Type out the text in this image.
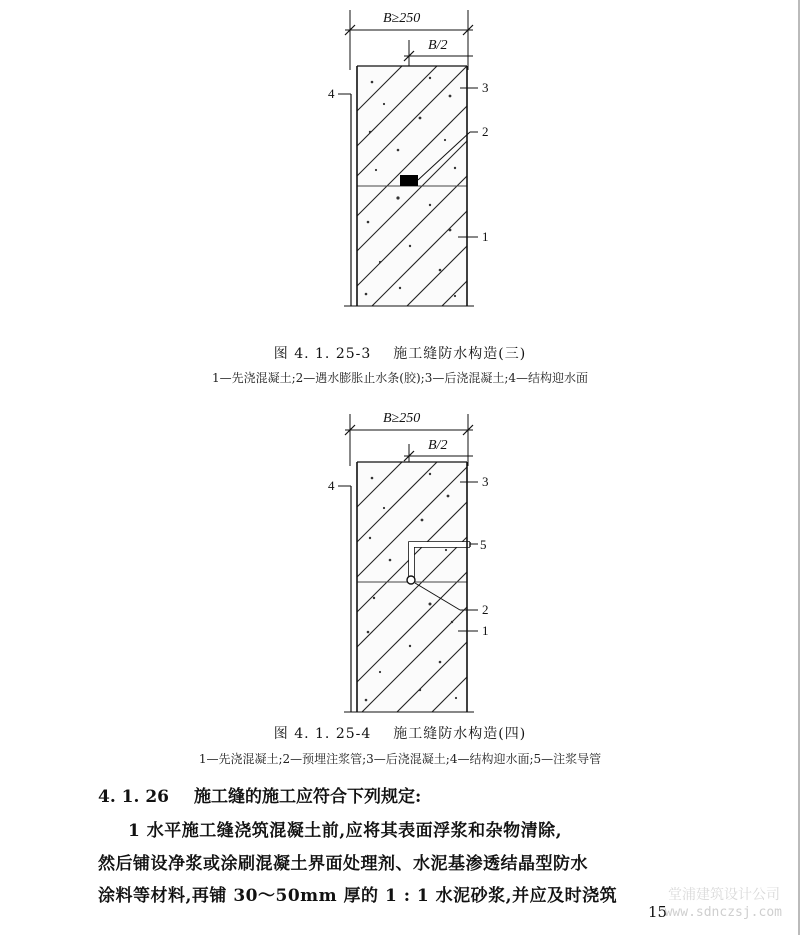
B≥250
B/2
4	3
2
1
图 4. 1. 25-3 施工缝防水构造(三)
1—先浇混凝土;2—遇水膨胀止水条(胶);3—后浇混凝土;4—结构迎水面
B≥250
B/2
4	3
5
2
1
图 4. 1. 25-4 施工缝防水构造(四)
1—先浇混凝土;2—预埋注浆管;3—后浇混凝土;4—结构迎水面;5—注浆导管
4. 1. 26 施工缝的施工应符合下列规定:
1 水平施工缝浇筑混凝土前,应将其表面浮浆和杂物清除,
然后铺设净浆或涂刷混凝土界面处理剂、水泥基渗透结晶型防水
涂料等材料,再铺 30～50mm 厚的 1 : 1 水泥砂浆,并应及时浇筑
15
堂浦建筑设计公司
www.sdnczsj.com
